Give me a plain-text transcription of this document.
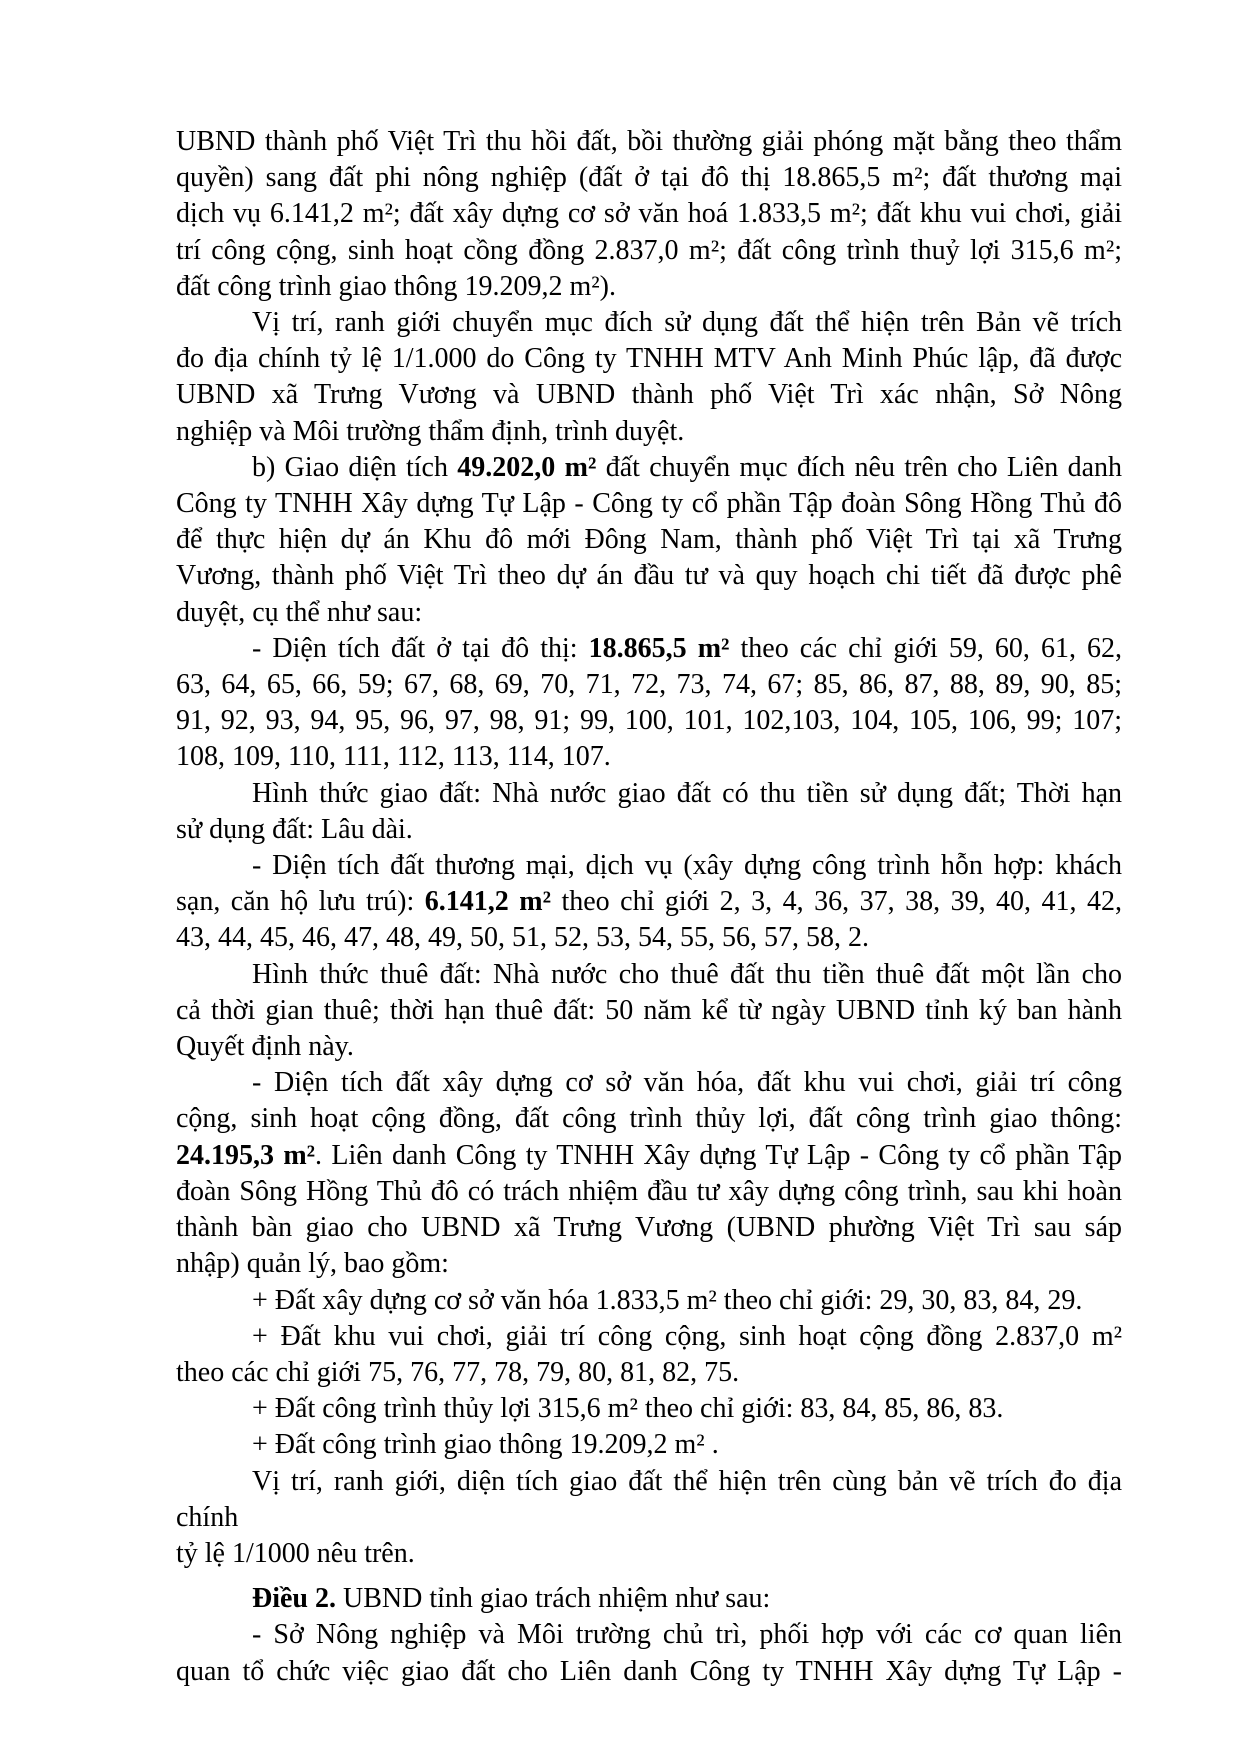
UBND thành phố Việt Trì thu hồi đất, bồi thường giải phóng mặt bằng theo thẩm
quyền) sang đất phi nông nghiệp (đất ở tại đô thị 18.865,5 m²; đất thương mại
dịch vụ 6.141,2 m²; đất xây dựng cơ sở văn hoá 1.833,5 m²; đất khu vui chơi, giải
trí công cộng, sinh hoạt cồng đồng 2.837,0 m²; đất công trình thuỷ lợi 315,6 m²;
đất công trình giao thông 19.209,2 m²).
Vị trí, ranh giới chuyển mục đích sử dụng đất thể hiện trên Bản vẽ trích
đo địa chính tỷ lệ 1/1.000 do Công ty TNHH MTV Anh Minh Phúc lập, đã được
UBND xã Trưng Vương và UBND thành phố Việt Trì xác nhận, Sở Nông
nghiệp và Môi trường thẩm định, trình duyệt.
b) Giao diện tích 49.202,0 m² đất chuyển mục đích nêu trên cho Liên danh
Công ty TNHH Xây dựng Tự Lập - Công ty cổ phần Tập đoàn Sông Hồng Thủ đô
để thực hiện dự án Khu đô mới Đông Nam, thành phố Việt Trì tại xã Trưng
Vương, thành phố Việt Trì theo dự án đầu tư và quy hoạch chi tiết đã được phê
duyệt, cụ thể như sau:
- Diện tích đất ở tại đô thị: 18.865,5 m² theo các chỉ giới 59, 60, 61, 62,
63, 64, 65, 66, 59; 67, 68, 69, 70, 71, 72, 73, 74, 67; 85, 86, 87, 88, 89, 90, 85;
91, 92, 93, 94, 95, 96, 97, 98, 91; 99, 100, 101, 102,103, 104, 105, 106, 99; 107;
108, 109, 110, 111, 112, 113, 114, 107.
Hình thức giao đất: Nhà nước giao đất có thu tiền sử dụng đất; Thời hạn
sử dụng đất: Lâu dài.
- Diện tích đất thương mại, dịch vụ (xây dựng công trình hỗn hợp: khách
sạn, căn hộ lưu trú): 6.141,2 m² theo chỉ giới 2, 3, 4, 36, 37, 38, 39, 40, 41, 42,
43, 44, 45, 46, 47, 48, 49, 50, 51, 52, 53, 54, 55, 56, 57, 58, 2.
Hình thức thuê đất: Nhà nước cho thuê đất thu tiền thuê đất một lần cho
cả thời gian thuê; thời hạn thuê đất: 50 năm kể từ ngày UBND tỉnh ký ban hành
Quyết định này.
- Diện tích đất xây dựng cơ sở văn hóa, đất khu vui chơi, giải trí công
cộng, sinh hoạt cộng đồng, đất công trình thủy lợi, đất công trình giao thông:
24.195,3 m². Liên danh Công ty TNHH Xây dựng Tự Lập - Công ty cổ phần Tập
đoàn Sông Hồng Thủ đô có trách nhiệm đầu tư xây dựng công trình, sau khi hoàn
thành bàn giao cho UBND xã Trưng Vương (UBND phường Việt Trì sau sáp
nhập) quản lý, bao gồm:
+ Đất xây dựng cơ sở văn hóa 1.833,5 m² theo chỉ giới: 29, 30, 83, 84, 29.
+ Đất khu vui chơi, giải trí công cộng, sinh hoạt cộng đồng 2.837,0 m²
theo các chỉ giới 75, 76, 77, 78, 79, 80, 81, 82, 75.
+ Đất công trình thủy lợi 315,6 m² theo chỉ giới: 83, 84, 85, 86, 83.
+ Đất công trình giao thông 19.209,2 m² .
Vị trí, ranh giới, diện tích giao đất thể hiện trên cùng bản vẽ trích đo địa chính
tỷ lệ 1/1000 nêu trên.
Điều 2. UBND tỉnh giao trách nhiệm như sau:
- Sở Nông nghiệp và Môi trường chủ trì, phối hợp với các cơ quan liên
quan tổ chức việc giao đất cho Liên danh Công ty TNHH Xây dựng Tự Lập -
